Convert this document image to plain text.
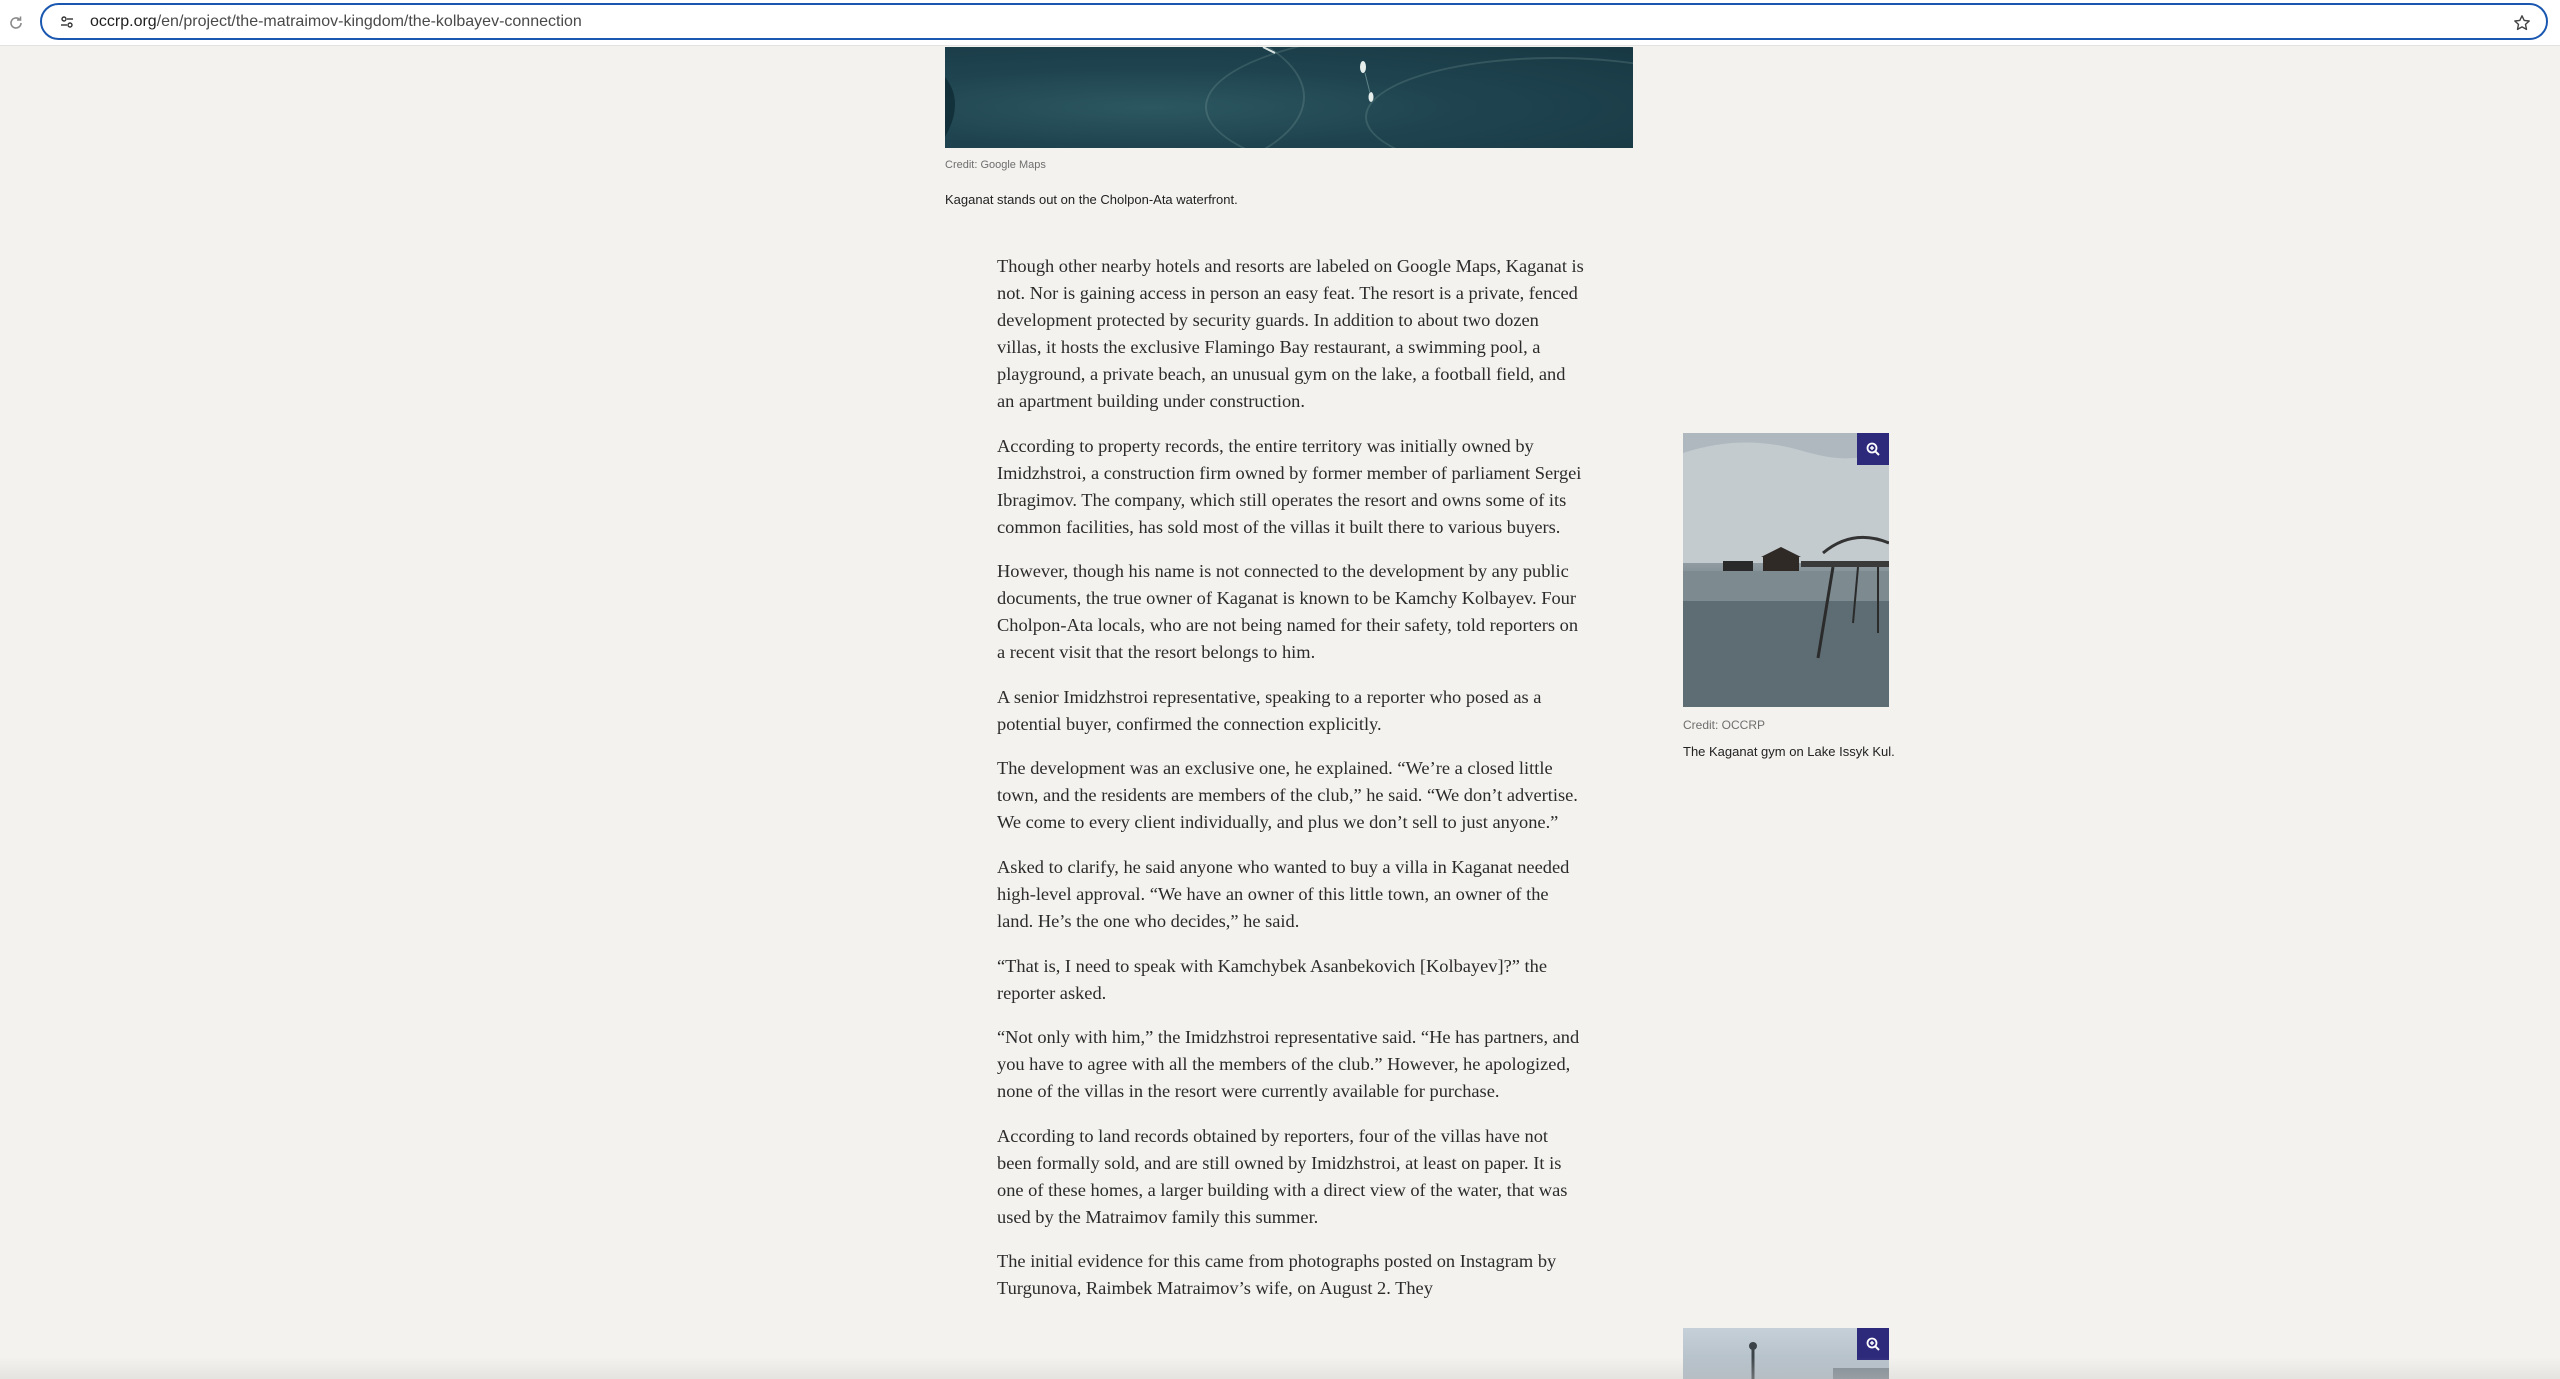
occrp.org/en/project/the-matraimov-kingdom/the-kolbayev-connection
Credit: Google Maps
Kaganat stands out on the Cholpon-Ata waterfront.

Though other nearby hotels and resorts are labeled on Google Maps, Kaganat is not. Nor is gaining access in person an easy feat. The resort is a private, fenced development protected by security guards. In addition to about two dozen villas, it hosts the exclusive Flamingo Bay restaurant, a swimming pool, a playground, a private beach, an unusual gym on the lake, a football field, and an apartment building under construction.

According to property records, the entire territory was initially owned by Imidzhstroi, a construction firm owned by former member of parliament Sergei Ibragimov. The company, which still operates the resort and owns some of its common facilities, has sold most of the villas it built there to various buyers.

However, though his name is not connected to the development by any public documents, the true owner of Kaganat is known to be Kamchy Kolbayev. Four Cholpon-Ata locals, who are not being named for their safety, told reporters on a recent visit that the resort belongs to him.

A senior Imidzhstroi representative, speaking to a reporter who posed as a potential buyer, confirmed the connection explicitly.

The development was an exclusive one, he explained. “We’re a closed little town, and the residents are members of the club,” he said. “We don’t advertise. We come to every client individually, and plus we don’t sell to just anyone.”

Asked to clarify, he said anyone who wanted to buy a villa in Kaganat needed high-level approval. “We have an owner of this little town, an owner of the land. He’s the one who decides,” he said.

“That is, I need to speak with Kamchybek Asanbekovich [Kolbayev]?” the reporter asked.

“Not only with him,” the Imidzhstroi representative said. “He has partners, and you have to agree with all the members of the club.” However, he apologized, none of the villas in the resort were currently available for purchase.

According to land records obtained by reporters, four of the villas have not been formally sold, and are still owned by Imidzhstroi, at least on paper. It is one of these homes, a larger building with a direct view of the water, that was used by the Matraimov family this summer.

The initial evidence for this came from photographs posted on Instagram by Turgunova, Raimbek Matraimov’s wife, on August 2. They

Credit: OCCRP
The Kaganat gym on Lake Issyk Kul.
